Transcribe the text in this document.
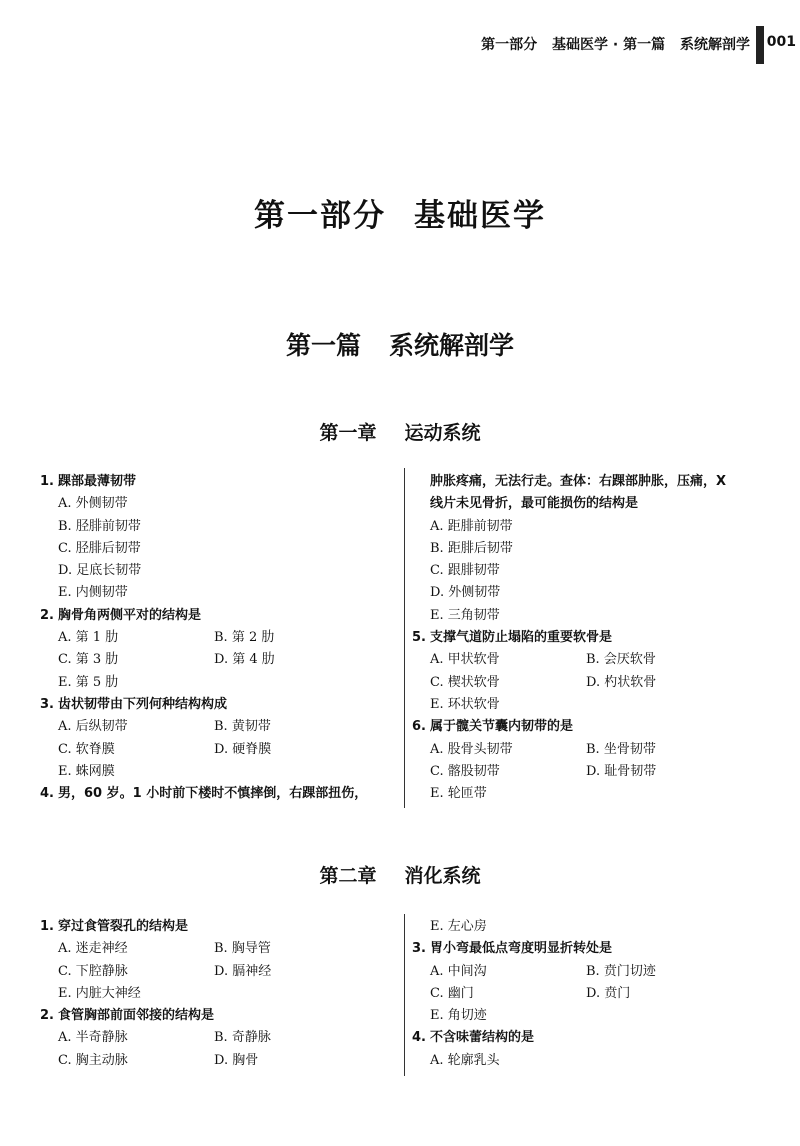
第一部分 基础医学 · 第一篇 系统解剖学 001
第一部分 基础医学
第一篇 系统解剖学
第一章 运动系统
1. 踝部最薄韧带
A. 外侧韧带
B. 胫腓前韧带
C. 胫腓后韧带
D. 足底长韧带
E. 内侧韧带
2. 胸骨角两侧平对的结构是
A. 第 1 肋	B. 第 2 肋 C. 第 3 肋	D. 第 4 肋
E. 第 5 肋
3. 齿状韧带由下列何种结构构成
A. 后纵韧带	B. 黄韧带 C. 软脊膜	D. 硬脊膜
E. 蛛网膜
4. 男，60 岁。1 小时前下楼时不慎摔倒，右踝部扭伤，
肿胀疼痛，无法行走。查体：右踝部肿胀，压痛，X
线片未见骨折，最可能损伤的结构是
A. 距腓前韧带
B. 距腓后韧带
C. 跟腓韧带
D. 外侧韧带
E. 三角韧带
5. 支撑气道防止塌陷的重要软骨是
A. 甲状软骨	B. 会厌软骨 C. 楔状软骨	D. 杓状软骨
E. 环状软骨
6. 属于髋关节囊内韧带的是
A. 股骨头韧带	B. 坐骨韧带 C. 髂股韧带	D. 耻骨韧带
E. 轮匝带
第二章 消化系统
1. 穿过食管裂孔的结构是
A. 迷走神经	B. 胸导管 C. 下腔静脉	D. 膈神经
E. 内脏大神经
2. 食管胸部前面邻接的结构是
A. 半奇静脉	B. 奇静脉 C. 胸主动脉	D. 胸骨
E. 左心房
3. 胃小弯最低点弯度明显折转处是
A. 中间沟	B. 贲门切迹 C. 幽门	D. 贲门
E. 角切迹
4. 不含味蕾结构的是
A. 轮廓乳头
